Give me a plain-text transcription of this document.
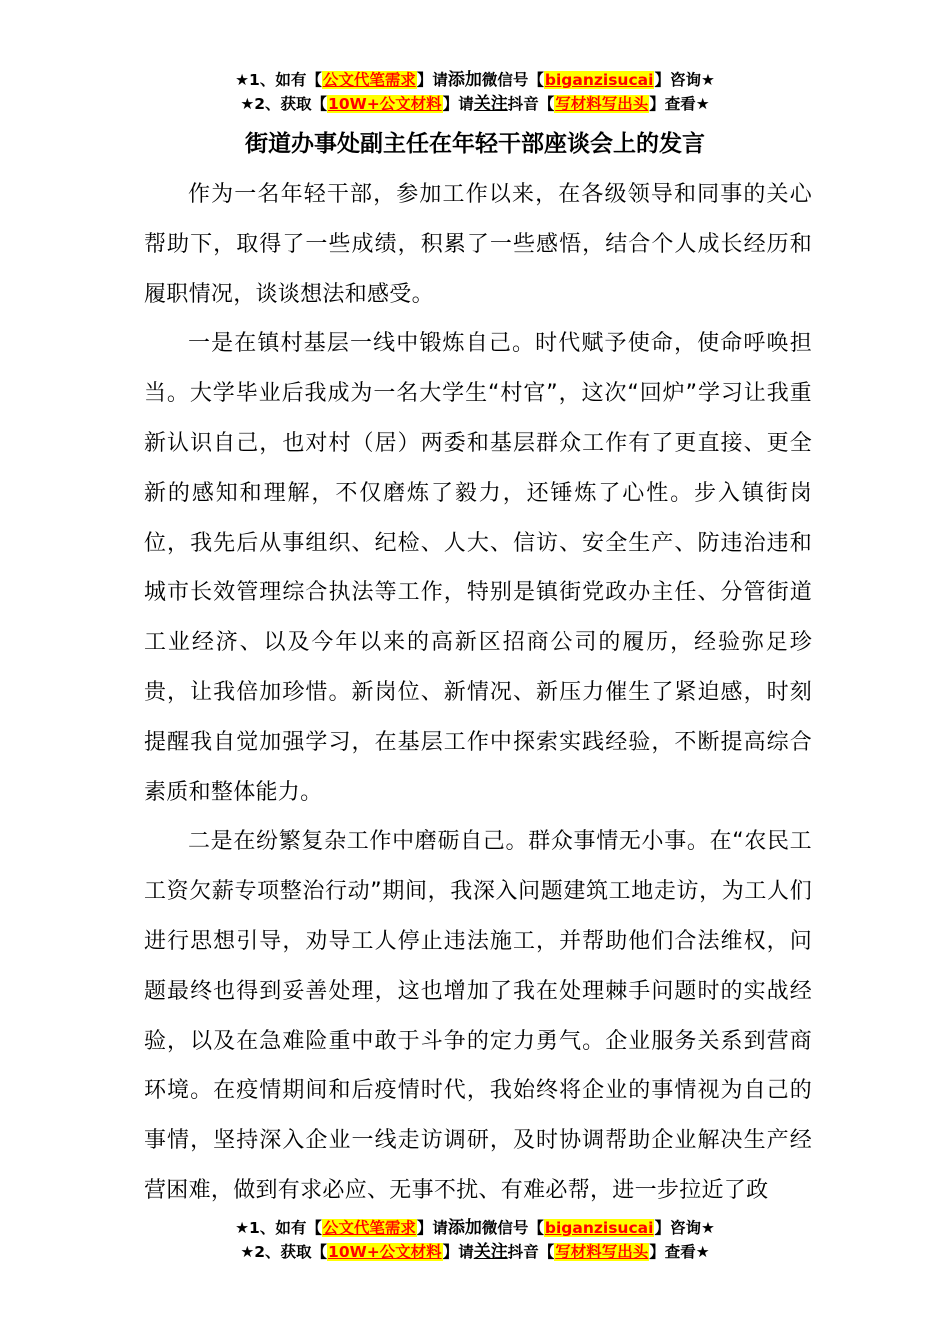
★1、如有【公文代笔需求】请添加微信号【biganzisucai】咨询★
★2、获取【10W+公文材料】请关注抖音【写材料写出头】查看★
街道办事处副主任在年轻干部座谈会上的发言

作为一名年轻干部，参加工作以来，在各级领导和同事的关心帮助下，取得了一些成绩，积累了一些感悟，结合个人成长经历和履职情况，谈谈想法和感受。

一是在镇村基层一线中锻炼自己。时代赋予使命，使命呼唤担当。大学毕业后我成为一名大学生“村官”，这次“回炉”学习让我重新认识自己，也对村（居）两委和基层群众工作有了更直接、更全新的感知和理解，不仅磨炼了毅力，还锤炼了心性。步入镇街岗位，我先后从事组织、纪检、人大、信访、安全生产、防违治违和城市长效管理综合执法等工作，特别是镇街党政办主任、分管街道工业经济、以及今年以来的高新区招商公司的履历，经验弥足珍贵，让我倍加珍惜。新岗位、新情况、新压力催生了紧迫感，时刻提醒我自觉加强学习，在基层工作中探索实践经验，不断提高综合素质和整体能力。

二是在纷繁复杂工作中磨砺自己。群众事情无小事。在“农民工工资欠薪专项整治行动”期间，我深入问题建筑工地走访，为工人们进行思想引导，劝导工人停止违法施工，并帮助他们合法维权，问题最终也得到妥善处理，这也增加了我在处理棘手问题时的实战经验，以及在急难险重中敢于斗争的定力勇气。企业服务关系到营商环境。在疫情期间和后疫情时代，我始终将企业的事情视为自己的事情，坚持深入企业一线走访调研，及时协调帮助企业解决生产经营困难，做到有求必应、无事不扰、有难必帮，进一步拉近了政

★1、如有【公文代笔需求】请添加微信号【biganzisucai】咨询★
★2、获取【10W+公文材料】请关注抖音【写材料写出头】查看★
